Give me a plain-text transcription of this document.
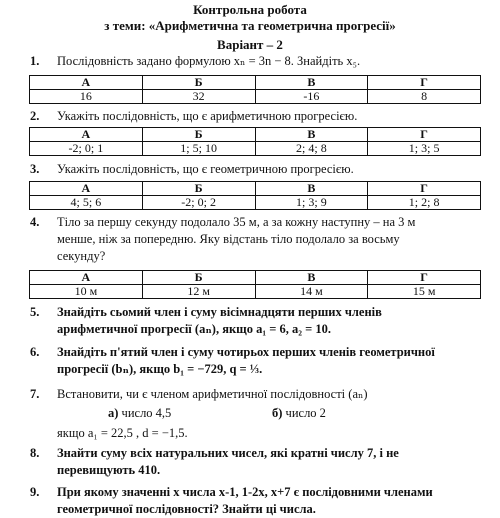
Контрольна робота
з теми: «Арифметична та геометрична прогресії»
Варіант – 2
1.	Послідовність задано формулою xₙ = 3n − 8. Знайдіть x₅.
А	Б	В	Г
16	32	-16	8
2.	Укажіть послідовність, що є арифметичною прогресією.
А	Б	В	Г
-2; 0; 1	1; 5; 10	2; 4; 8	1; 3; 5
3.	Укажіть послідовність, що є геометричною прогресією.
А	Б	В	Г
4; 5; 6	-2; 0; 2	1; 3; 9	1; 2; 8
4.	Тіло за першу секунду подолало 35 м, а за кожну наступну – на 3 м
менше, ніж за попередню. Яку відстань тіло подолало за восьму
секунду?
А	Б	В	Г
10 м	12 м	14 м	15 м
5.	Знайдіть сьомий член і суму вісімнадцяти перших членів
арифметичної прогресії (aₙ), якщо a₁ = 6, a₂ = 10.
6.	Знайдіть п'ятий член і суму чотирьох перших членів геометричної
прогресії (bₙ), якщо b₁ = −729, q = ⅓.
7.	Встановити, чи є членом арифметичної послідовності (aₙ)
а) число 4,5	б) число 2
якщо a₁ = 22,5 , d = −1,5.
8.	Знайти суму всіх натуральних чисел, які кратні числу 7, і не
перевищують 410.
9.	При якому значенні x числа x-1, 1-2x, x+7 є послідовними членами
геометричної послідовності? Знайти ці числа.
